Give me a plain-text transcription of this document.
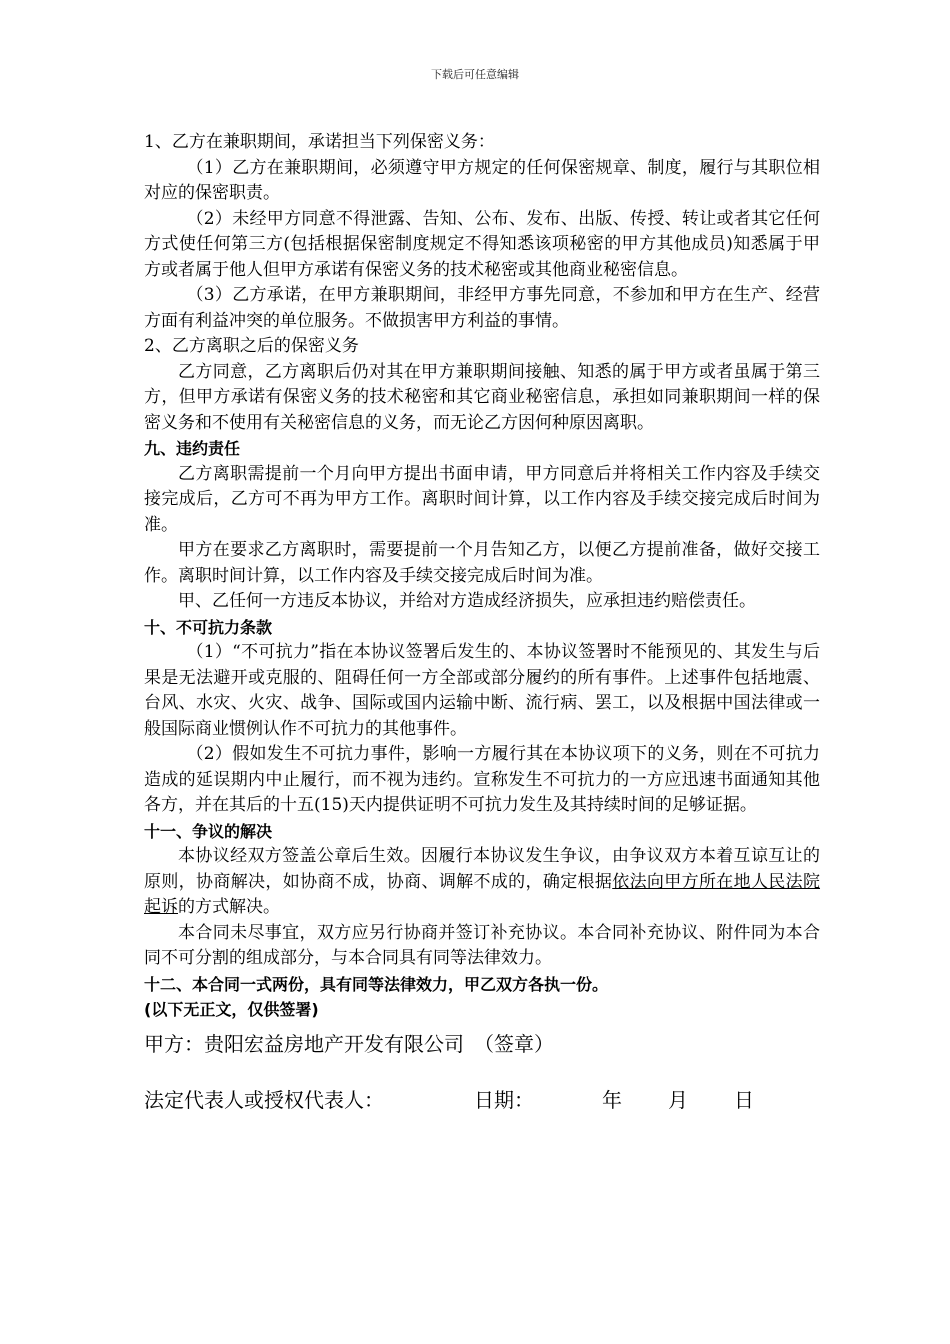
下载后可任意编辑

1、乙方在兼职期间，承诺担当下列保密义务：

（1）乙方在兼职期间，必须遵守甲方规定的任何保密规章、制度，履行与其职位相对应的保密职责。

（2）未经甲方同意不得泄露、告知、公布、发布、出版、传授、转让或者其它任何方式使任何第三方(包括根据保密制度规定不得知悉该项秘密的甲方其他成员)知悉属于甲方或者属于他人但甲方承诺有保密义务的技术秘密或其他商业秘密信息。

（3）乙方承诺，在甲方兼职期间，非经甲方事先同意，不参加和甲方在生产、经营方面有利益冲突的单位服务。不做损害甲方利益的事情。

2、乙方离职之后的保密义务

乙方同意，乙方离职后仍对其在甲方兼职期间接触、知悉的属于甲方或者虽属于第三方，但甲方承诺有保密义务的技术秘密和其它商业秘密信息，承担如同兼职期间一样的保密义务和不使用有关秘密信息的义务，而无论乙方因何种原因离职。

九、违约责任

乙方离职需提前一个月向甲方提出书面申请，甲方同意后并将相关工作内容及手续交接完成后，乙方可不再为甲方工作。离职时间计算，以工作内容及手续交接完成后时间为准。

甲方在要求乙方离职时，需要提前一个月告知乙方，以便乙方提前准备，做好交接工作。离职时间计算，以工作内容及手续交接完成后时间为准。

甲、乙任何一方违反本协议，并给对方造成经济损失，应承担违约赔偿责任。

十、不可抗力条款

（1）“不可抗力”指在本协议签署后发生的、本协议签署时不能预见的、其发生与后果是无法避开或克服的、阻碍任何一方全部或部分履约的所有事件。上述事件包括地震、台风、水灾、火灾、战争、国际或国内运输中断、流行病、罢工，以及根据中国法律或一般国际商业惯例认作不可抗力的其他事件。

（2）假如发生不可抗力事件，影响一方履行其在本协议项下的义务，则在不可抗力造成的延误期内中止履行，而不视为违约。宣称发生不可抗力的一方应迅速书面通知其他各方，并在其后的十五(15)天内提供证明不可抗力发生及其持续时间的足够证据。

十一、争议的解决

本协议经双方签盖公章后生效。因履行本协议发生争议，由争议双方本着互谅互让的原则，协商解决，如协商不成，协商、调解不成的，确定根据依法向甲方所在地人民法院起诉的方式解决。

本合同未尽事宜，双方应另行协商并签订补充协议。本合同补充协议、附件同为本合同不可分割的组成部分，与本合同具有同等法律效力。

十二、本合同一式两份，具有同等法律效力，甲乙双方各执一份。

(以下无正文，仅供签署)

甲方：贵阳宏益房地产开发有限公司　（签章）

法定代表人或授权代表人：	日期：	年	月	日
